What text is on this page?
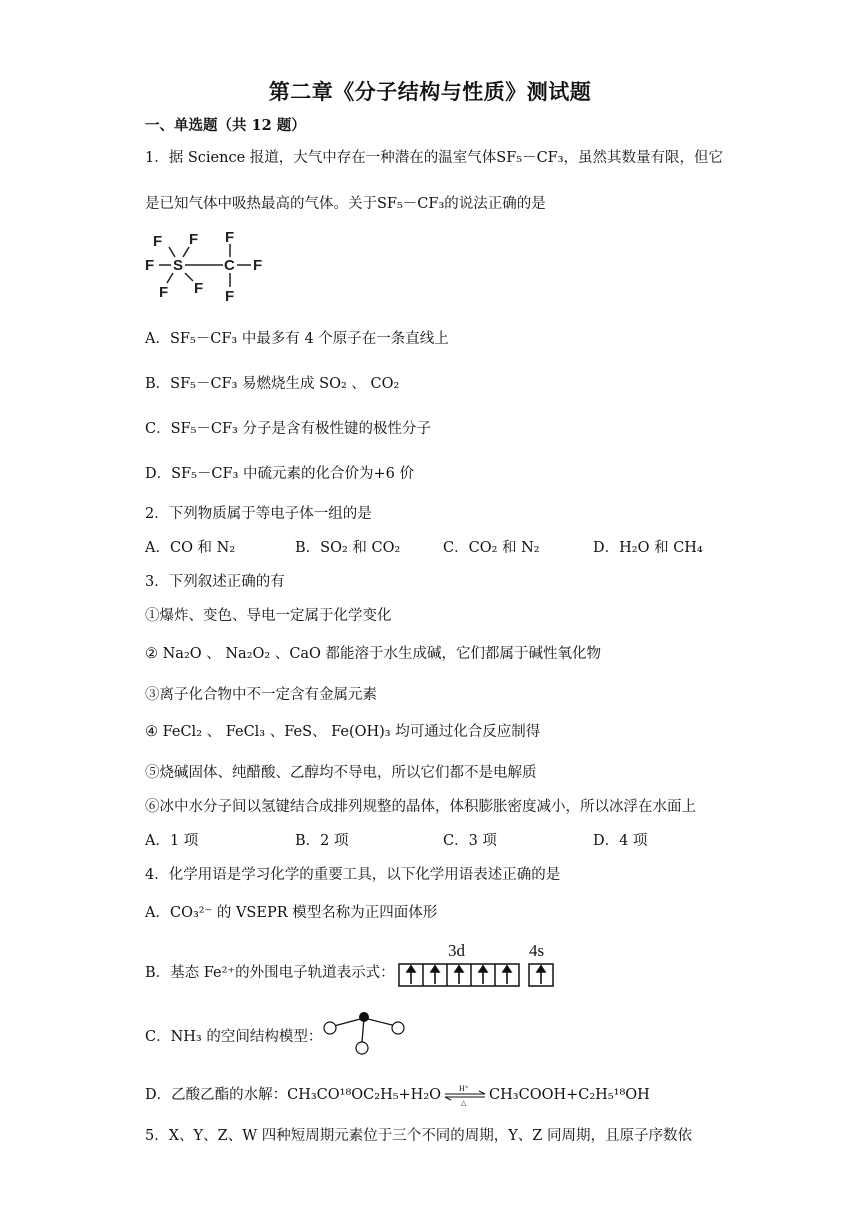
第二章《分子结构与性质》测试题
一、单选题（共 12 题）
1．据 Science 报道，大气中存在一种潜在的温室气体SF₅－CF₃，虽然其数量有限，但它
是已知气体中吸热最高的气体。关于SF₅－CF₃的说法正确的是
S	C
F
F F F
F
F
F F
A．SF₅－CF₃ 中最多有 4 个原子在一条直线上
B．SF₅－CF₃ 易燃烧生成 SO₂ 、 CO₂
C．SF₅－CF₃ 分子是含有极性键的极性分子
D．SF₅－CF₃ 中硫元素的化合价为+6 价
2．下列物质属于等电子体一组的是
A．CO 和 N₂	B．SO₂ 和 CO₂	C．CO₂ 和 N₂	D．H₂O 和 CH₄
3．下列叙述正确的有
①爆炸、变色、导电一定属于化学变化
② Na₂O 、 Na₂O₂ 、CaO 都能溶于水生成碱，它们都属于碱性氧化物
③离子化合物中不一定含有金属元素
④ FeCl₂ 、 FeCl₃ 、FeS、 Fe(OH)₃ 均可通过化合反应制得
⑤烧碱固体、纯醋酸、乙醇均不导电，所以它们都不是电解质
⑥冰中水分子间以氢键结合成排列规整的晶体，体积膨胀密度减小，所以冰浮在水面上
A．1 项	B．2 项	C．3 项	D．4 项
4．化学用语是学习化学的重要工具，以下化学用语表述正确的是
A．CO₃²⁻ 的 VSEPR 模型名称为正四面体形
B．基态 Fe²⁺的外围电子轨道表示式：
3d	4s
C．NH₃ 的空间结构模型：
D．乙酸乙酯的水解：CH₃CO¹⁸OC₂H₅+H₂O H⁺
△ CH₃COOH+C₂H₅¹⁸OH
5．X、Y、Z、W 四种短周期元素位于三个不同的周期，Y、Z 同周期，且原子序数依
